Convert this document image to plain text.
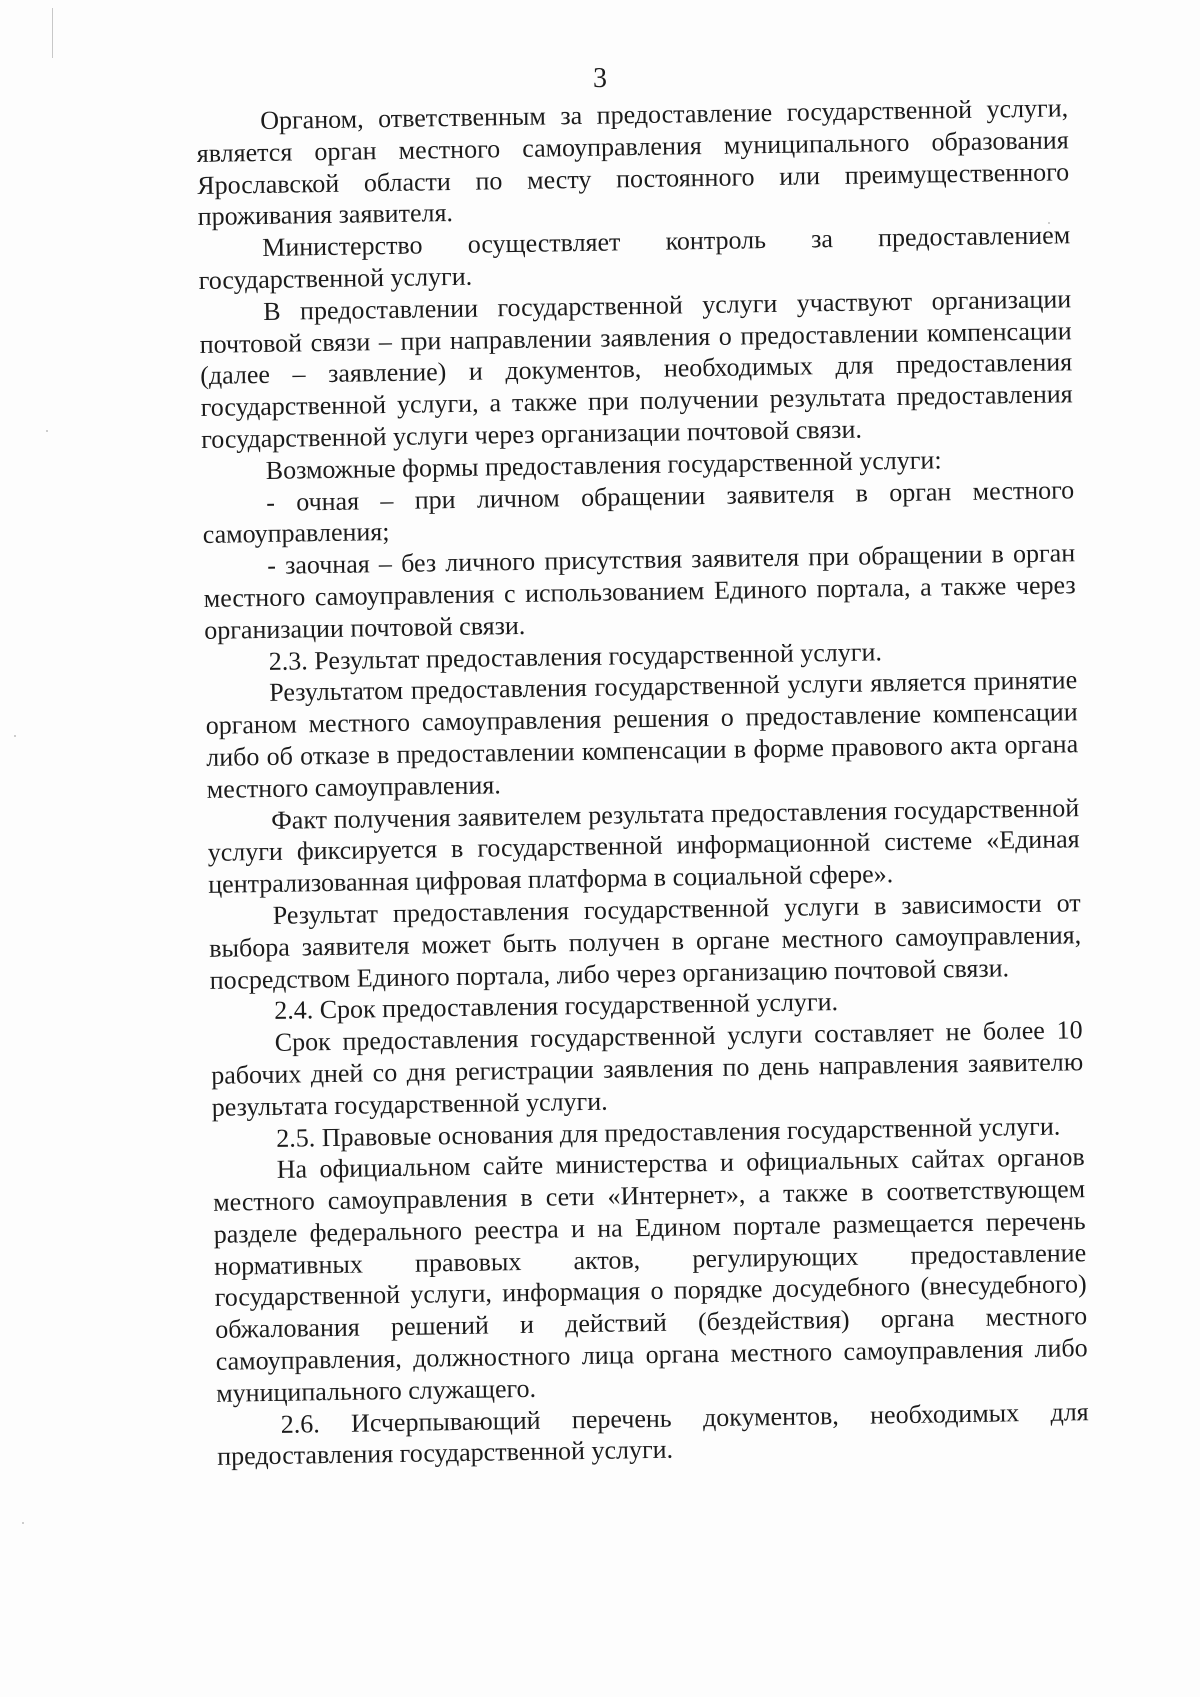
3

Органом, ответственным за предоставление государственной услуги, является орган местного самоуправления муниципального образования Ярославской области по месту постоянного или преимущественного проживания заявителя.

Министерство осуществляет контроль за предоставлением государственной услуги.

В предоставлении государственной услуги участвуют организации почтовой связи – при направлении заявления о предоставлении компенсации (далее – заявление) и документов, необходимых для предоставления государственной услуги, а также при получении результата предоставления государственной услуги через организации почтовой связи.

Возможные формы предоставления государственной услуги:

- очная – при личном обращении заявителя в орган местного самоуправления;

- заочная – без личного присутствия заявителя при обращении в орган местного самоуправления с использованием Единого портала, а также через организации почтовой связи.

2.3. Результат предоставления государственной услуги.

Результатом предоставления государственной услуги является принятие органом местного самоуправления решения о предоставление компенсации либо об отказе в предоставлении компенсации в форме правового акта органа местного самоуправления.

Факт получения заявителем результата предоставления государственной услуги фиксируется в государственной информационной системе «Единая централизованная цифровая платформа в социальной сфере».

Результат предоставления государственной услуги в зависимости от выбора заявителя может быть получен в органе местного самоуправления, посредством Единого портала, либо через организацию почтовой связи.

2.4. Срок предоставления государственной услуги.

Срок предоставления государственной услуги составляет не более 10 рабочих дней со дня регистрации заявления по день направления заявителю результата государственной услуги.

2.5. Правовые основания для предоставления государственной услуги.

На официальном сайте министерства и официальных сайтах органов местного самоуправления в сети «Интернет», а также в соответствующем разделе федерального реестра и на Едином портале размещается перечень нормативных правовых актов, регулирующих предоставление государственной услуги, информация о порядке досудебного (внесудебного) обжалования решений и действий (бездействия) органа местного самоуправления, должностного лица органа местного самоуправления либо муниципального служащего.

2.6. Исчерпывающий перечень документов, необходимых для предоставления государственной услуги.
